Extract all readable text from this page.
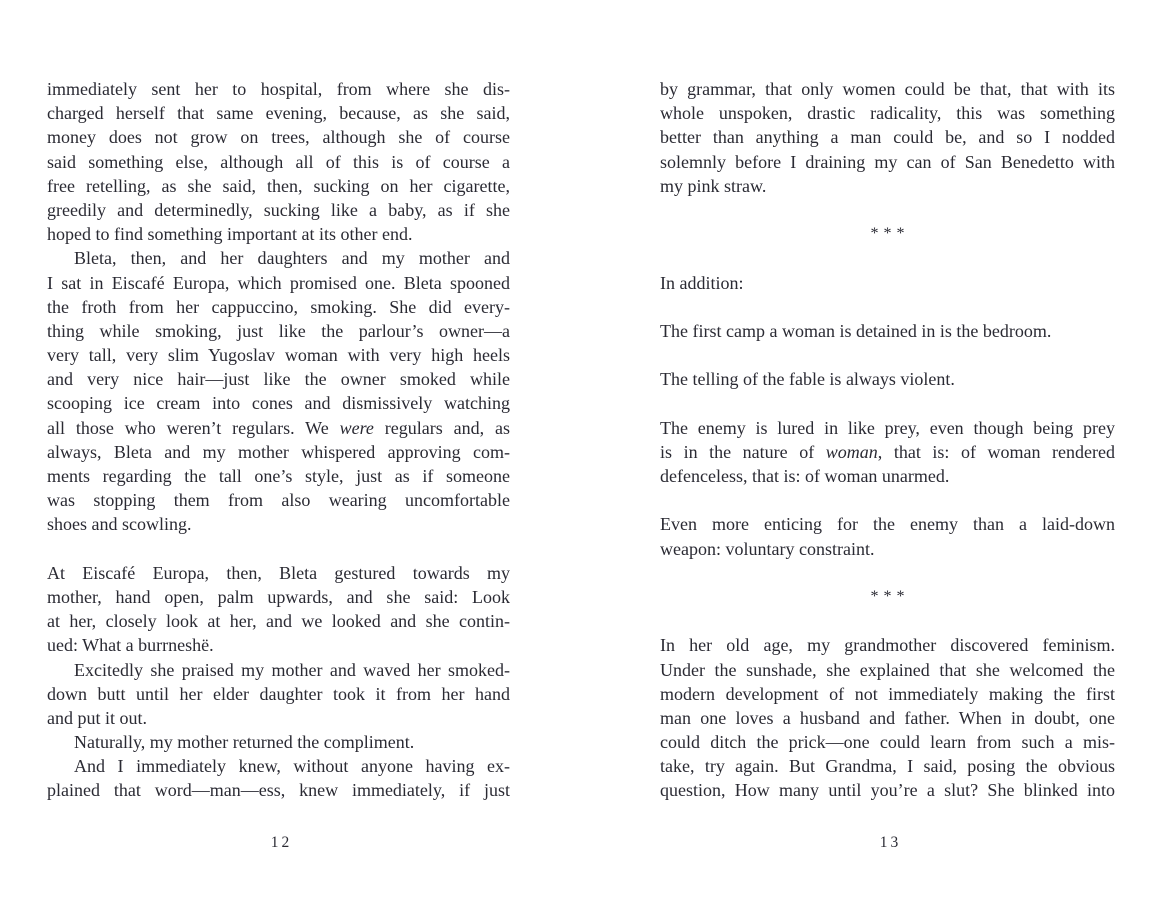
immediately sent her to hospital, from where she dis-
charged herself that same evening, because, as she said,
money does not grow on trees, although she of course
said something else, although all of this is of course a
free retelling, as she said, then, sucking on her cigarette,
greedily and determinedly, sucking like a baby, as if she
hoped to find something important at its other end.
Bleta, then, and her daughters and my mother and
I sat in Eiscafé Europa, which promised one. Bleta spooned
the froth from her cappuccino, smoking. She did every-
thing while smoking, just like the parlour’s owner—a
very tall, very slim Yugoslav woman with very high heels
and very nice hair—just like the owner smoked while
scooping ice cream into cones and dismissively watching
all those who weren’t regulars. We were regulars and, as
always, Bleta and my mother whispered approving com-
ments regarding the tall one’s style, just as if someone
was stopping them from also wearing uncomfortable
shoes and scowling.
At Eiscafé Europa, then, Bleta gestured towards my
mother, hand open, palm upwards, and she said: Look
at her, closely look at her, and we looked and she contin-
ued: What a burrneshë.
Excitedly she praised my mother and waved her smoked-
down butt until her elder daughter took it from her hand
and put it out.
Naturally, my mother returned the compliment.
And I immediately knew, without anyone having ex-
plained that word—man—ess, knew immediately, if just
by grammar, that only women could be that, that with its
whole unspoken, drastic radicality, this was something
better than anything a man could be, and so I nodded
solemnly before I draining my can of San Benedetto with
my pink straw.
***
In addition:
The first camp a woman is detained in is the bedroom.
The telling of the fable is always violent.
The enemy is lured in like prey, even though being prey
is in the nature of woman, that is: of woman rendered
defenceless, that is: of woman unarmed.
Even more enticing for the enemy than a laid-down
weapon: voluntary constraint.
***
In her old age, my grandmother discovered feminism.
Under the sunshade, she explained that she welcomed the
modern development of not immediately making the first
man one loves a husband and father. When in doubt, one
could ditch the prick—one could learn from such a mis-
take, try again. But Grandma, I said, posing the obvious
question, How many until you’re a slut? She blinked into
12	13
